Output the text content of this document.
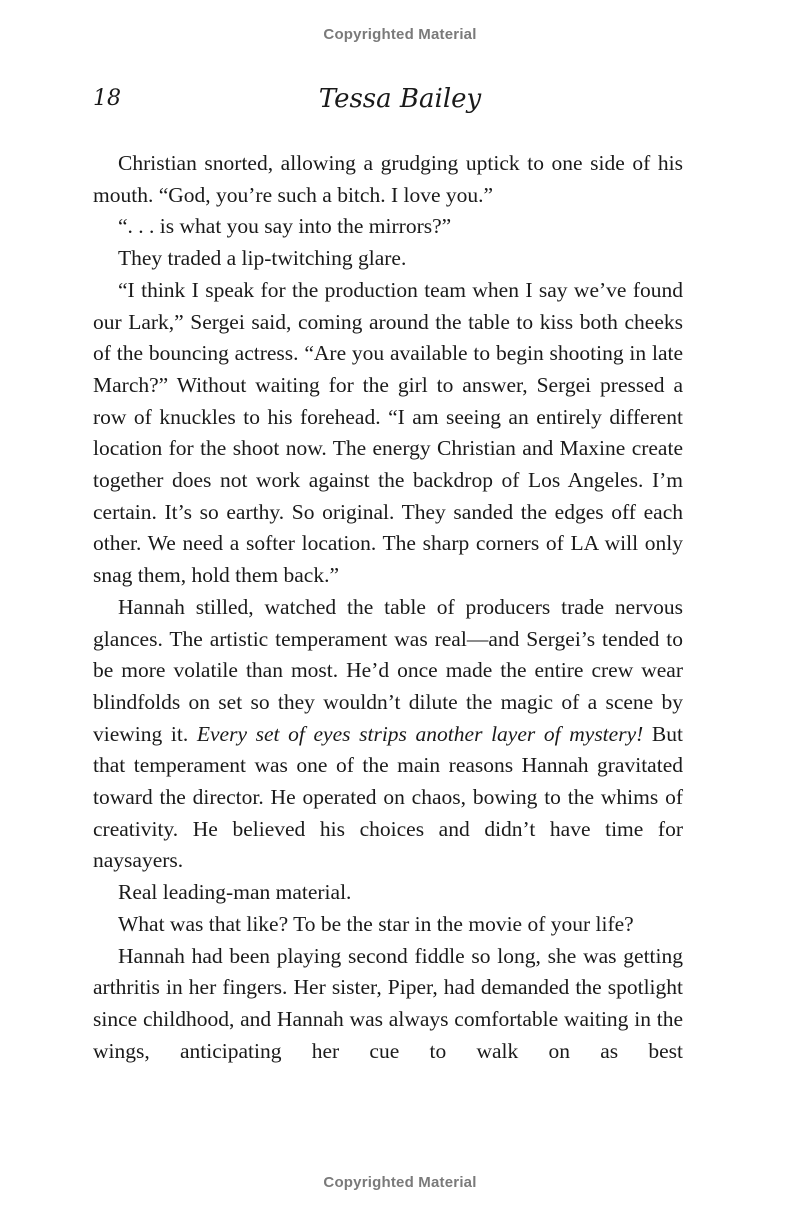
Copyrighted Material
18	Tessa Bailey

Christian snorted, allowing a grudging uptick to one side of his mouth. “God, you’re such a bitch. I love you.”

“. . . is what you say into the mirrors?”

They traded a lip-twitching glare.

“I think I speak for the production team when I say we’ve found our Lark,” Sergei said, coming around the table to kiss both cheeks of the bouncing actress. “Are you available to begin shooting in late March?” Without waiting for the girl to answer, Sergei pressed a row of knuckles to his forehead. “I am seeing an entirely different location for the shoot now. The energy Christian and Maxine create together does not work against the backdrop of Los Angeles. I’m certain. It’s so earthy. So original. They sanded the edges off each other. We need a softer location. The sharp corners of LA will only snag them, hold them back.”

Hannah stilled, watched the table of producers trade nervous glances. The artistic temperament was real—and Sergei’s tended to be more volatile than most. He’d once made the entire crew wear blindfolds on set so they wouldn’t dilute the magic of a scene by viewing it. Every set of eyes strips another layer of mystery! But that temperament was one of the main reasons Hannah gravitated toward the director. He operated on chaos, bowing to the whims of creativity. He believed his choices and didn’t have time for naysayers.

Real leading-man material.

What was that like? To be the star in the movie of your life?

Hannah had been playing second fiddle so long, she was getting arthritis in her fingers. Her sister, Piper, had demanded the spotlight since childhood, and Hannah was always comfortable waiting in the wings, anticipating her cue to walk on as best

Copyrighted Material
